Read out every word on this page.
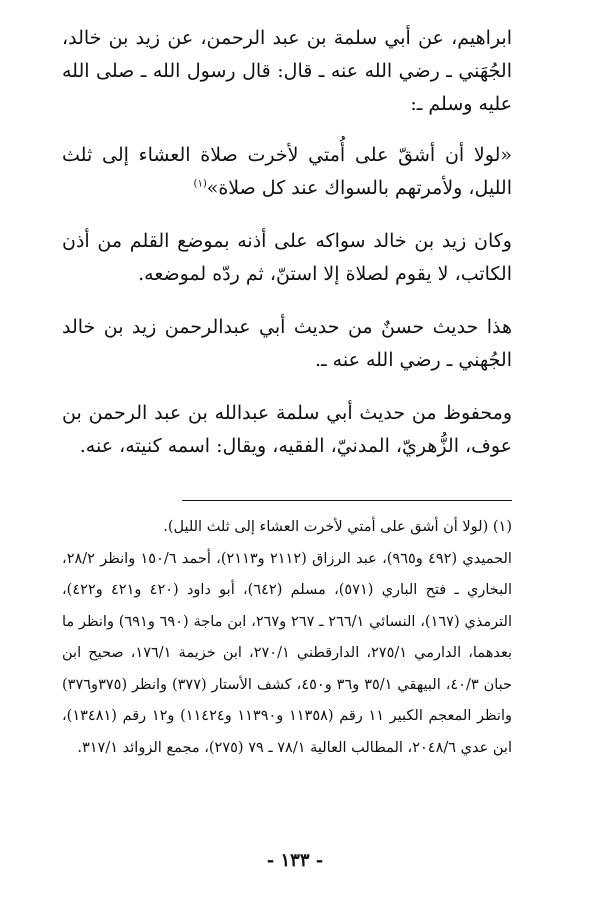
ابراهيم، عن أبي سلمة بن عبد الرحمن، عن زيد بن خالد، الجُهَني ـ رضي الله عنه ـ قال: قال رسول الله ـ صلى الله عليه وسلم ـ:

«لولا أن أشقّ على أُمتي لأخرت صلاة العشاء إلى ثلث الليل، ولأمرتهم بالسواك عند كل صلاة»$^{(١)}$

وكان زيد بن خالد سواكه على أذنه بموضع القلم من أذن الكاتب، لا يقوم لصلاة إلا استنّ، ثم ردّه لموضعه.

هذا حديث حسنٌ من حديث أبي عبدالرحمن زيد بن خالد الجُهني ـ رضي الله عنه ـ.

ومحفوظ من حديث أبي سلمة عبدالله بن عبد الرحمن بن عوف، الزُّهريّ، المدنيّ، الفقيه، ويقال: اسمه كنيته، عنه.

(١) (لولا أن أشق على أمتي لأخرت العشاء إلى ثلث الليل).

الحميدي (٤٩٢ و٩٦٥)، عبد الرزاق (٢١١٢ و٢١١٣)، أحمد ١٥٠/٦ وانظر ٢٨/٢، البخاري ـ فتح الباري (٥٧١)، مسلم (٦٤٢)، أبو داود (٤٢٠ و٤٢١ و٤٢٢)، الترمذي (١٦٧)، النسائي ٢٦٦/١ ـ ٢٦٧ و٢٦٧، ابن ماجة (٦٩٠ و٦٩١) وانظر ما بعدهما، الدارمي ٢٧٥/١، الدارقطني ٢٧٠/١، ابن خزيمة ١٧٦/١، صحيح ابن حبان ٤٠/٣، البيهقي ٣٥/١ و٣٦ و٤٥٠، كشف الأستار (٣٧٧) وانظر (٣٧٥و٣٧٦) وانظر المعجم الكبير ١١ رقم (١١٣٥٨ و١١٣٩٠ و١١٤٢٤) و١٢ رقم (١٣٤٨١)، ابن عدي ٢٠٤٨/٦، المطالب العالية ٧٨/١ ـ ٧٩ (٢٧٥)، مجمع الزوائد ٣١٧/١.

- ١٣٣ -
